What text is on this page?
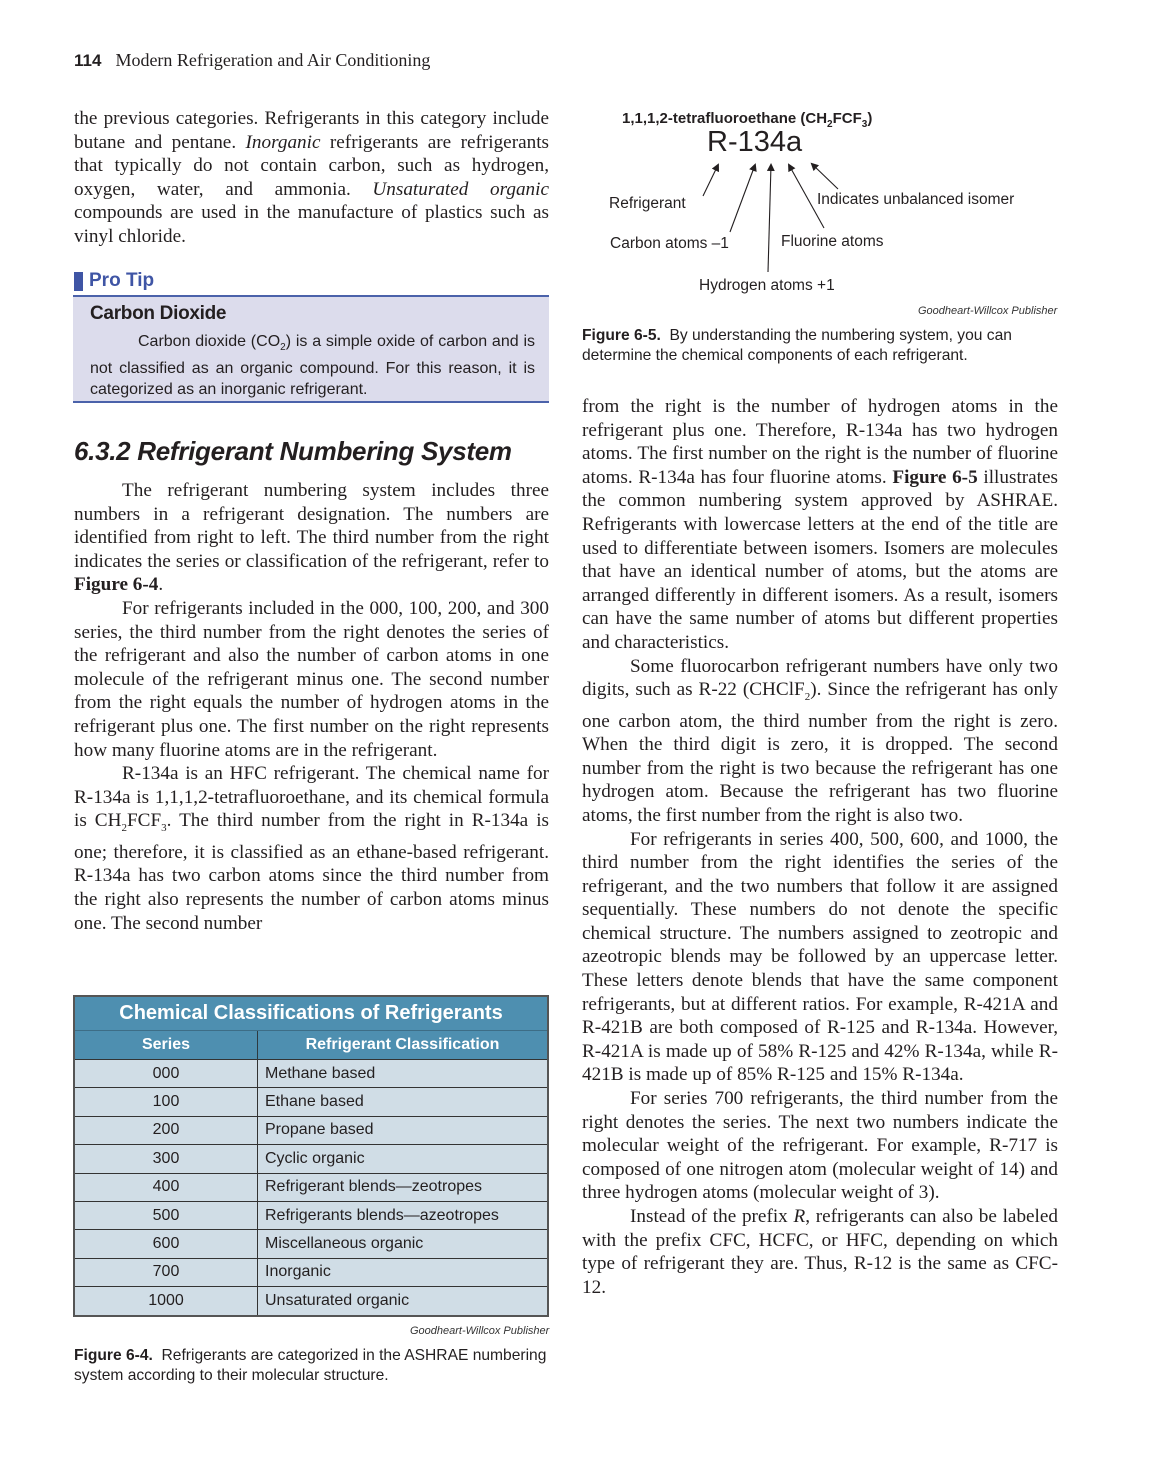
114 Modern Refrigeration and Air Conditioning

the previous categories. Refrigerants in this category include butane and pentane. Inorganic refrigerants are refrigerants that typically do not contain carbon, such as hydrogen, oxygen, water, and ammonia. Unsaturated organic compounds are used in the manufacture of plastics such as vinyl chloride.

Pro Tip
Carbon Dioxide
Carbon dioxide $(CO_2)$ is a simple oxide of carbon and is not classified as an organic compound. For this reason, it is categorized as an inorganic refrigerant.
6.3.2 Refrigerant Numbering System

The refrigerant numbering system includes three numbers in a refrigerant designation. The numbers are identified from right to left. The third number from the right indicates the series or classification of the refrigerant, refer to Figure 6-4.

For refrigerants included in the 000, 100, 200, and 300 series, the third number from the right denotes the series of the refrigerant and also the number of carbon atoms in one molecule of the refrigerant minus one. The second number from the right equals the number of hydrogen atoms in the refrigerant plus one. The first number on the right represents how many fluorine atoms are in the refrigerant.

R-134a is an HFC refrigerant. The chemical name for R-134a is 1,1,1,2-tetrafluoroethane, and its chemical formula is $CH_2FCF_3$. The third number from the right in R-134a is one; therefore, it is classified as an ethane-based refrigerant. R-134a has two carbon atoms since the third number from the right also represents the number of carbon atoms minus one. The second number

Chemical Classifications of Refrigerants	
Series	Refrigerant Classification
000	Methane based
100	Ethane based
200	Propane based
300	Cyclic organic
400	Refrigerant blends—zeotropes
500	Refrigerants blends—azeotropes
600	Miscellaneous organic
700	Inorganic
1000	Unsaturated organic
Goodheart-Willcox Publisher
Figure 6-4. Refrigerants are categorized in the ASHRAE numbering system according to their molecular structure.
1,1,1,2-tetrafluoroethane $(CH_2FCF_3)$
R-134a
Refrigerant
Carbon atoms –1
Hydrogen atoms +1
Fluorine atoms
Indicates unbalanced isomer
Goodheart-Willcox Publisher
Figure 6-5. By understanding the numbering system, you can determine the chemical components of each refrigerant.

from the right is the number of hydrogen atoms in the refrigerant plus one. Therefore, R-134a has two hydrogen atoms. The first number on the right is the number of fluorine atoms. R-134a has four fluorine atoms. Figure 6-5 illustrates the common numbering system approved by ASHRAE. Refrigerants with lowercase letters at the end of the title are used to differentiate between isomers. Isomers are molecules that have an identical number of atoms, but the atoms are arranged differently in different isomers. As a result, isomers can have the same number of atoms but different properties and characteristics.

Some fluorocarbon refrigerant numbers have only two digits, such as R-22 (CHClF$_2$). Since the refrigerant has only one carbon atom, the third number from the right is zero. When the third digit is zero, it is dropped. The second number from the right is two because the refrigerant has one hydrogen atom. Because the refrigerant has two fluorine atoms, the first number from the right is also two.

For refrigerants in series 400, 500, 600, and 1000, the third number from the right identifies the series of the refrigerant, and the two numbers that follow it are assigned sequentially. These numbers do not denote the specific chemical structure. The numbers assigned to zeotropic and azeotropic blends may be followed by an uppercase letter. These letters denote blends that have the same component refrigerants, but at different ratios. For example, R-421A and R-421B are both composed of R-125 and R-134a. However, R-421A is made up of 58% R-125 and 42% R-134a, while R-421B is made up of 85% R-125 and 15% R-134a.

For series 700 refrigerants, the third number from the right denotes the series. The next two numbers indicate the molecular weight of the refrigerant. For example, R-717 is composed of one nitrogen atom (molecular weight of 14) and three hydrogen atoms (molecular weight of 3).

Instead of the prefix R, refrigerants can also be labeled with the prefix CFC, HCFC, or HFC, depending on which type of refrigerant they are. Thus, R-12 is the same as CFC-12.
